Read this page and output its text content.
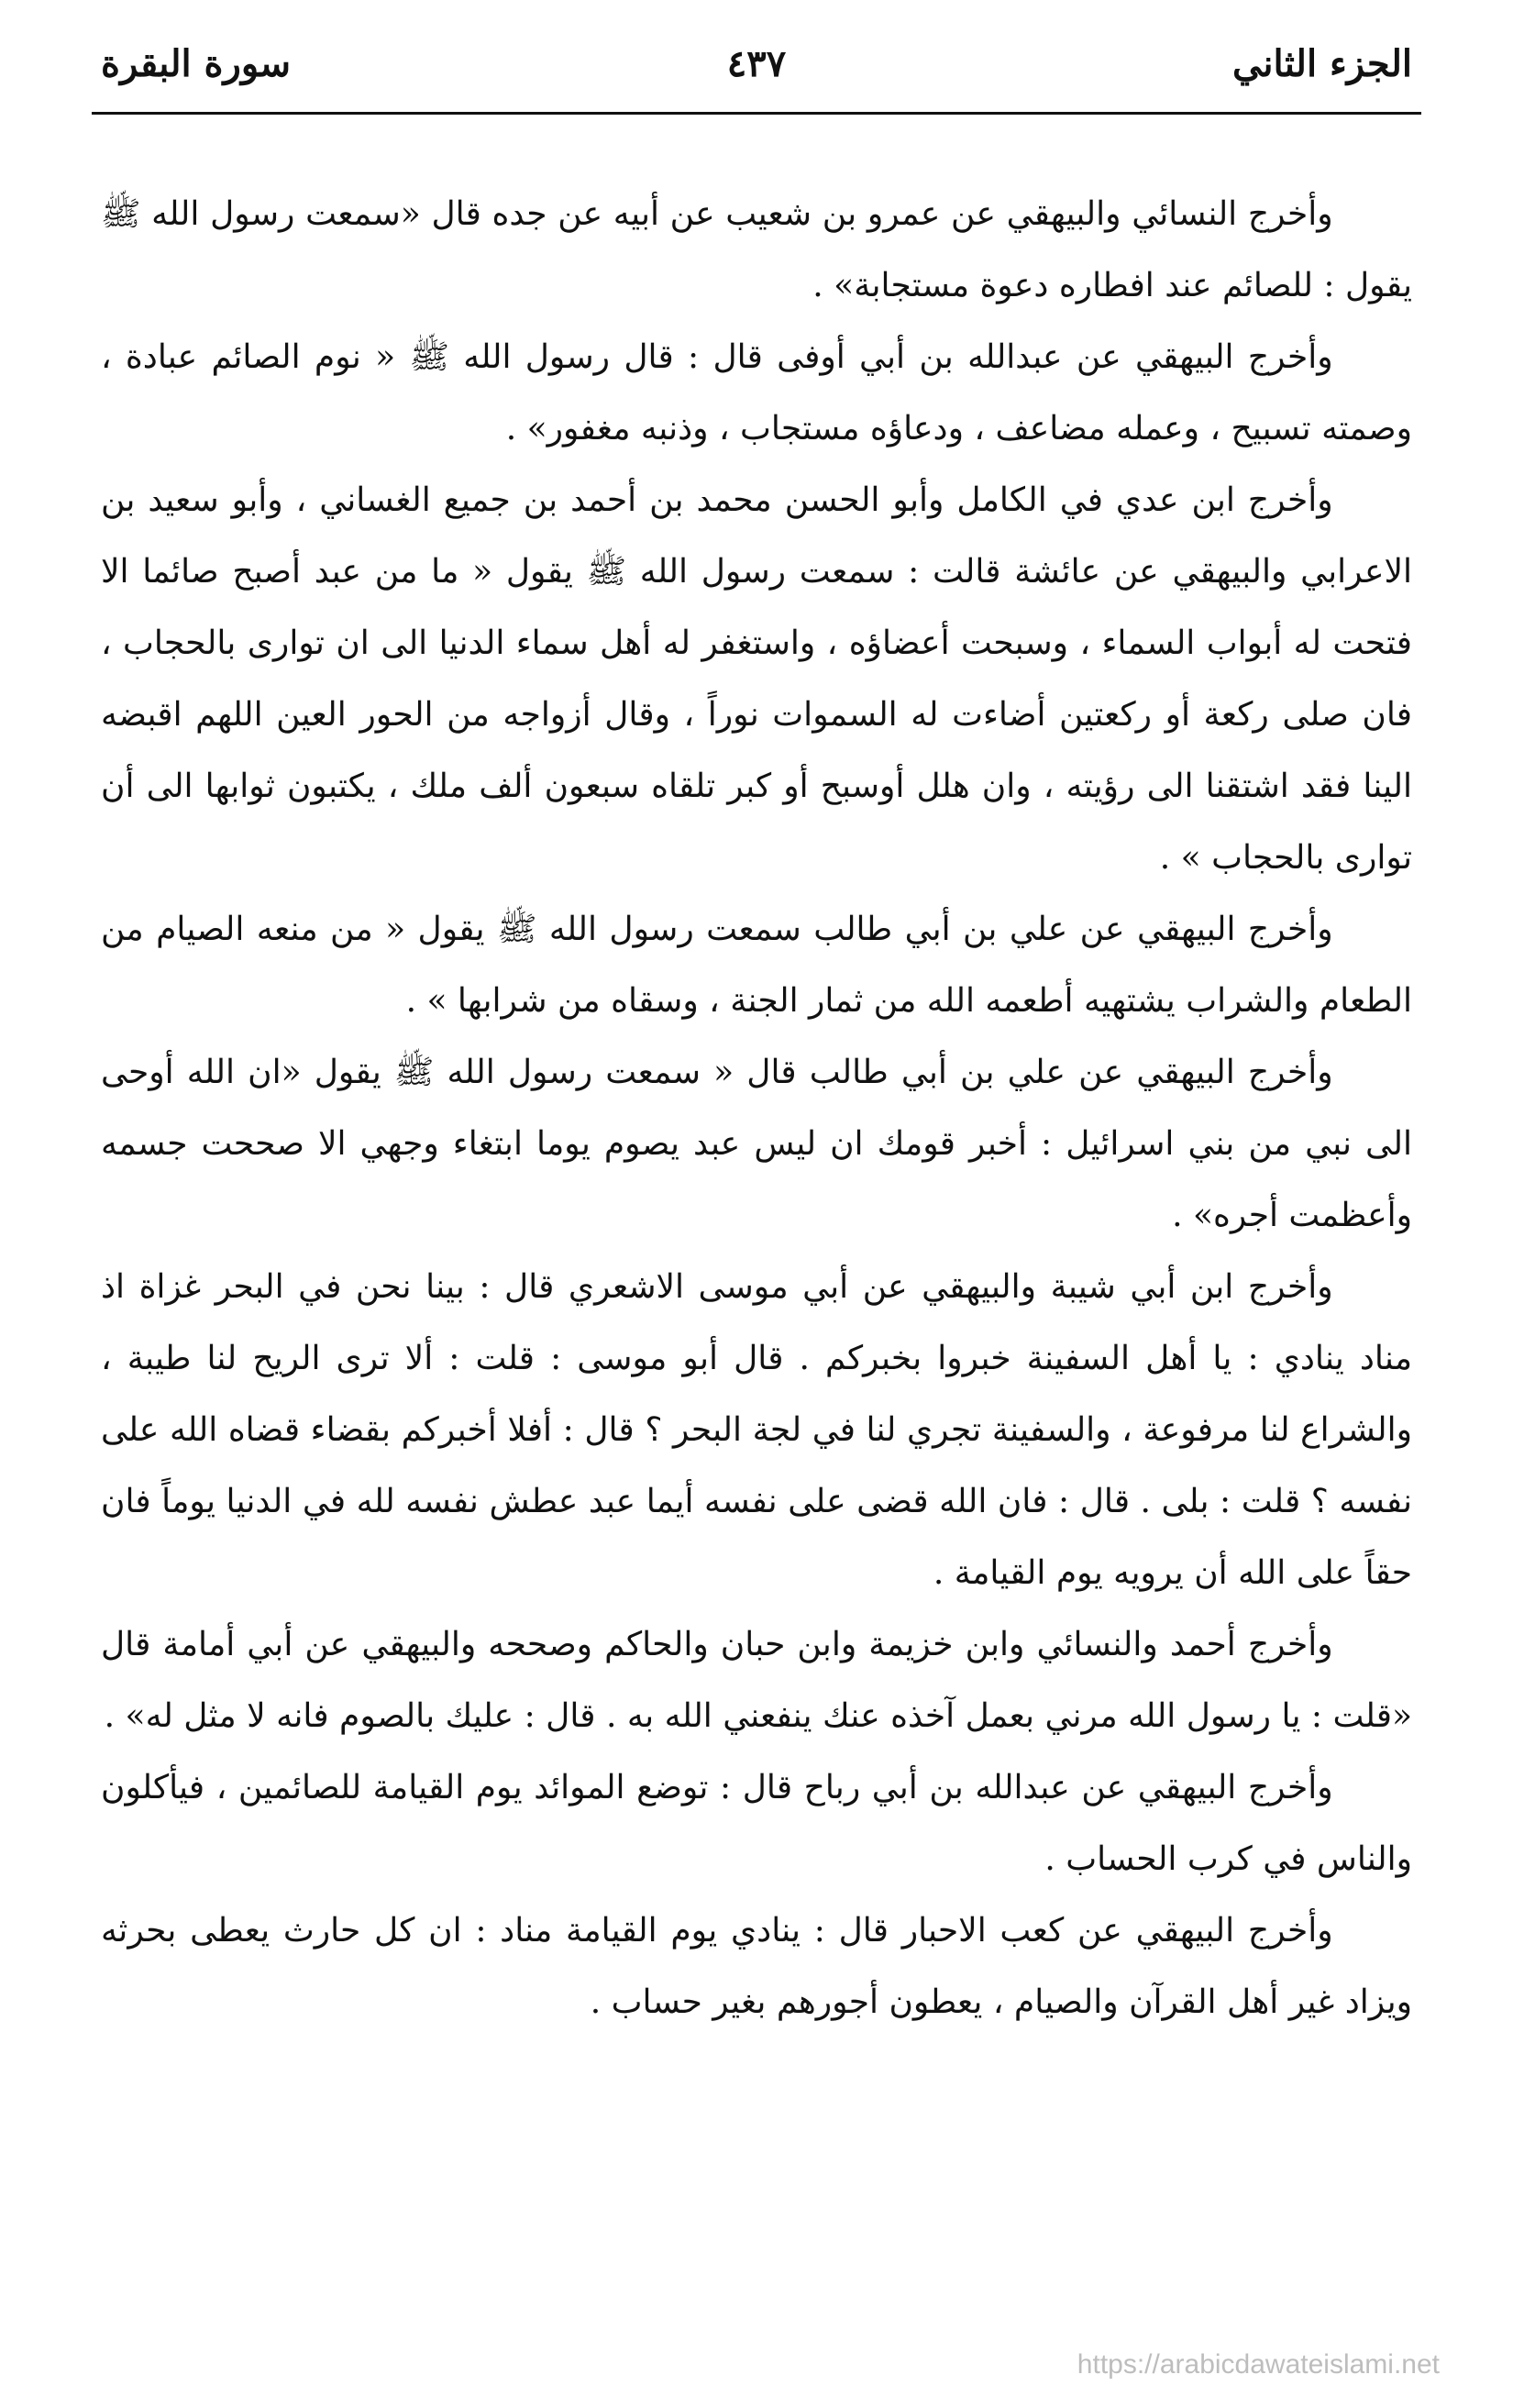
الجزء الثاني
٤٣٧
سورة البقرة

وأخرج النسائي والبيهقي عن عمرو بن شعيب عن أبيه عن جده قال «سمعت رسول الله ﷺ يقول : للصائم عند افطاره دعوة مستجابة» .

وأخرج البيهقي عن عبدالله بن أبي أوفى قال : قال رسول الله ﷺ « نوم الصائم عبادة ، وصمته تسبيح ، وعمله مضاعف ، ودعاؤه مستجاب ، وذنبه مغفور» .

وأخرج ابن عدي في الكامل وأبو الحسن محمد بن أحمد بن جميع الغساني ، وأبو سعيد بن الاعرابي والبيهقي عن عائشة قالت : سمعت رسول الله ﷺ يقول « ما من عبد أصبح صائما الا فتحت له أبواب السماء ، وسبحت أعضاؤه ، واستغفر له أهل سماء الدنيا الى ان توارى بالحجاب ، فان صلى ركعة أو ركعتين أضاءت له السموات نوراً ، وقال أزواجه من الحور العين اللهم اقبضه الينا فقد اشتقنا الى رؤيته ، وان هلل أوسبح أو كبر تلقاه سبعون ألف ملك ، يكتبون ثوابها الى أن توارى بالحجاب » .

وأخرج البيهقي عن علي بن أبي طالب سمعت رسول الله ﷺ يقول « من منعه الصيام من الطعام والشراب يشتهيه أطعمه الله من ثمار الجنة ، وسقاه من شرابها » .

وأخرج البيهقي عن علي بن أبي طالب قال « سمعت رسول الله ﷺ يقول «ان الله أوحى الى نبي من بني اسرائيل : أخبر قومك ان ليس عبد يصوم يوما ابتغاء وجهي الا صححت جسمه وأعظمت أجره» .

وأخرج ابن أبي شيبة والبيهقي عن أبي موسى الاشعري قال : بينا نحن في البحر غزاة اذ مناد ينادي : يا أهل السفينة خبروا بخبركم . قال أبو موسى : قلت : ألا ترى الريح لنا طيبة ، والشراع لنا مرفوعة ، والسفينة تجري لنا في لجة البحر ؟ قال : أفلا أخبركم بقضاء قضاه الله على نفسه ؟ قلت : بلى . قال : فان الله قضى على نفسه أيما عبد عطش نفسه لله في الدنيا يوماً فان حقاً على الله أن يرويه يوم القيامة .

وأخرج أحمد والنسائي وابن خزيمة وابن حبان والحاكم وصححه والبيهقي عن أبي أمامة قال «قلت : يا رسول الله مرني بعمل آخذه عنك ينفعني الله به . قال : عليك بالصوم فانه لا مثل له» .

وأخرج البيهقي عن عبدالله بن أبي رباح قال : توضع الموائد يوم القيامة للصائمين ، فيأكلون والناس في كرب الحساب .

وأخرج البيهقي عن كعب الاحبار قال : ينادي يوم القيامة مناد : ان كل حارث يعطى بحرثه ويزاد غير أهل القرآن والصيام ، يعطون أجورهم بغير حساب .

https://arabicdawateislami.net
